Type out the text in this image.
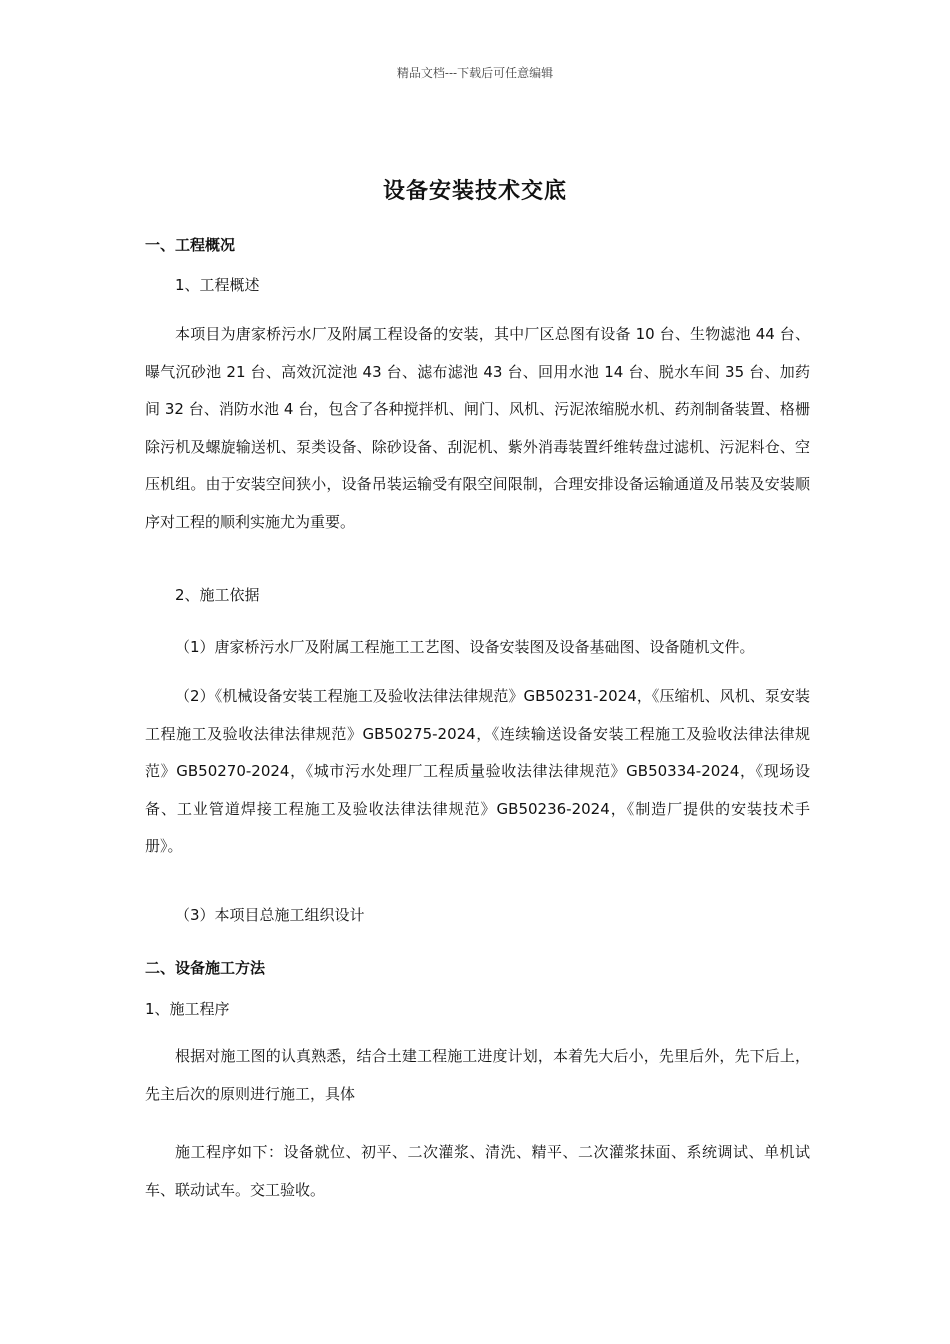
精品文档---下载后可任意编辑
设备安装技术交底
一、工程概况
1、工程概述
本项目为唐家桥污水厂及附属工程设备的安装，其中厂区总图有设备 10 台、生物滤池 44 台、曝气沉砂池 21 台、高效沉淀池 43 台、滤布滤池 43 台、回用水池 14 台、脱水车间 35 台、加药间 32 台、消防水池 4 台，包含了各种搅拌机、闸门、风机、污泥浓缩脱水机、药剂制备装置、格栅除污机及螺旋输送机、泵类设备、除砂设备、刮泥机、紫外消毒装置纤维转盘过滤机、污泥料仓、空压机组。由于安装空间狭小，设备吊装运输受有限空间限制，合理安排设备运输通道及吊装及安装顺序对工程的顺利实施尤为重要。
2、施工依据
（1）唐家桥污水厂及附属工程施工工艺图、设备安装图及设备基础图、设备随机文件。
（2）《机械设备安装工程施工及验收法律法律规范》GB50231-2024，《压缩机、风机、泵安装工程施工及验收法律法律规范》GB50275-2024，《连续输送设备安装工程施工及验收法律法律规范》GB50270-2024，《城市污水处理厂工程质量验收法律法律规范》GB50334-2024，《现场设备、工业管道焊接工程施工及验收法律法律规范》GB50236-2024，《制造厂提供的安装技术手册》。
（3）本项目总施工组织设计
二、设备施工方法
1、施工程序
根据对施工图的认真熟悉，结合土建工程施工进度计划，本着先大后小，先里后外，先下后上，先主后次的原则进行施工，具体
施工程序如下：设备就位、初平、二次灌浆、清洗、精平、二次灌浆抹面、系统调试、单机试车、联动试车。交工验收。
